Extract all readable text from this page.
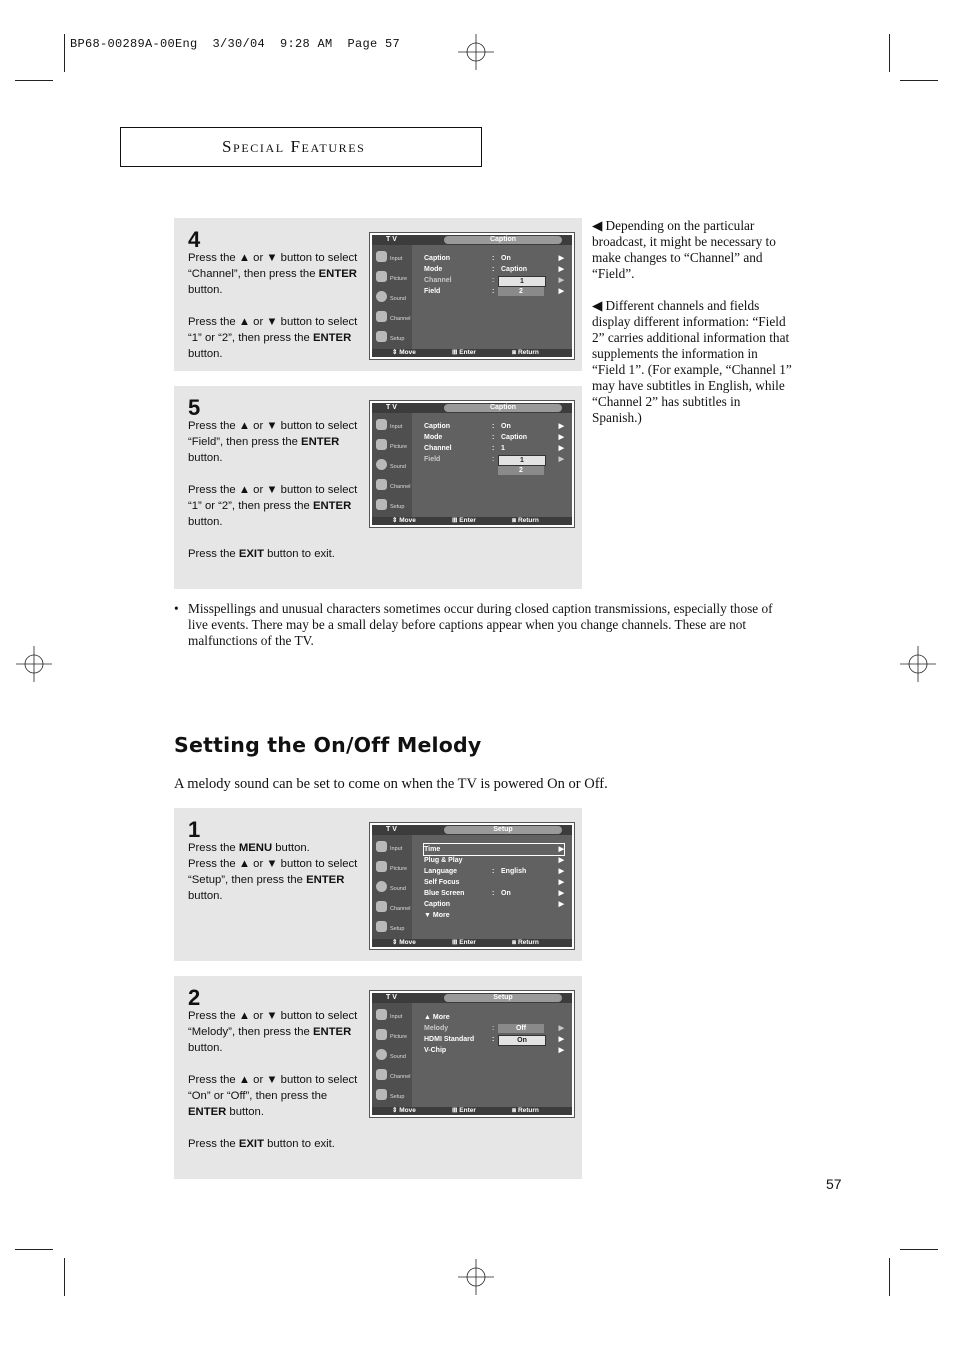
BP68-00289A-00Eng  3/30/04  9:28 AM  Page 57
Special Features
4

Press the ▲ or ▼ button to select “Channel”, then press the ENTER button.

Press the ▲ or ▼ button to select “1” or “2”, then press the ENTER button.

T V	Caption
Input
Picture
Sound
Channel
Setup
Caption	: On	▶
Mode	: Caption	▶
Channel	:	▶
1
Field	:	▶
2
⇕ Move	⊞ Enter	⧈ Return
5

Press the ▲ or ▼ button to select “Field”, then press the ENTER button.

Press the ▲ or ▼ button to select “1” or “2”, then press the ENTER button.

Press the EXIT button to exit.

T V	Caption
Input
Picture
Sound
Channel
Setup
Caption	: On	▶
Mode	: Caption	▶
Channel	: 1	▶
Field	:	▶
1
2
⇕ Move	⊞ Enter	⧈ Return
◀ Depending on the particular broadcast, it might be necessary to make changes to “Channel” and “Field”.
◀ Different channels and fields display different information: “Field 2” carries additional information that supplements the information in “Field 1”. (For example, “Channel 1” may have subtitles in English, while “Channel 2” has subtitles in Spanish.)
• Misspellings and unusual characters sometimes occur during closed caption transmissions, especially those of live events. There may be a small delay before captions appear when you change channels. These are not malfunctions of the TV.
Setting the On/Off Melody
A melody sound can be set to come on when the TV is powered On or Off.
1

Press the MENU button.

Press the ▲ or ▼ button to select “Setup”, then press the ENTER button.

T V	Setup
Input
Picture
Sound
Channel
Setup
Time	▶
Plug & Play	▶
Language	: English	▶
Self Focus	▶
Blue Screen	: On	▶
Caption	▶
▼ More
⇕ Move	⊞ Enter	⧈ Return
2

Press the ▲ or ▼ button to select “Melody”, then press the ENTER button.

Press the ▲ or ▼ button to select “On” or “Off”, then press the ENTER button.

Press the EXIT button to exit.

T V	Setup
Input
Picture
Sound
Channel
Setup
▲ More
Melody	:	▶
Off
HDMI Standard	:	▶
On
V-Chip	▶
⇕ Move	⊞ Enter	⧈ Return
57
